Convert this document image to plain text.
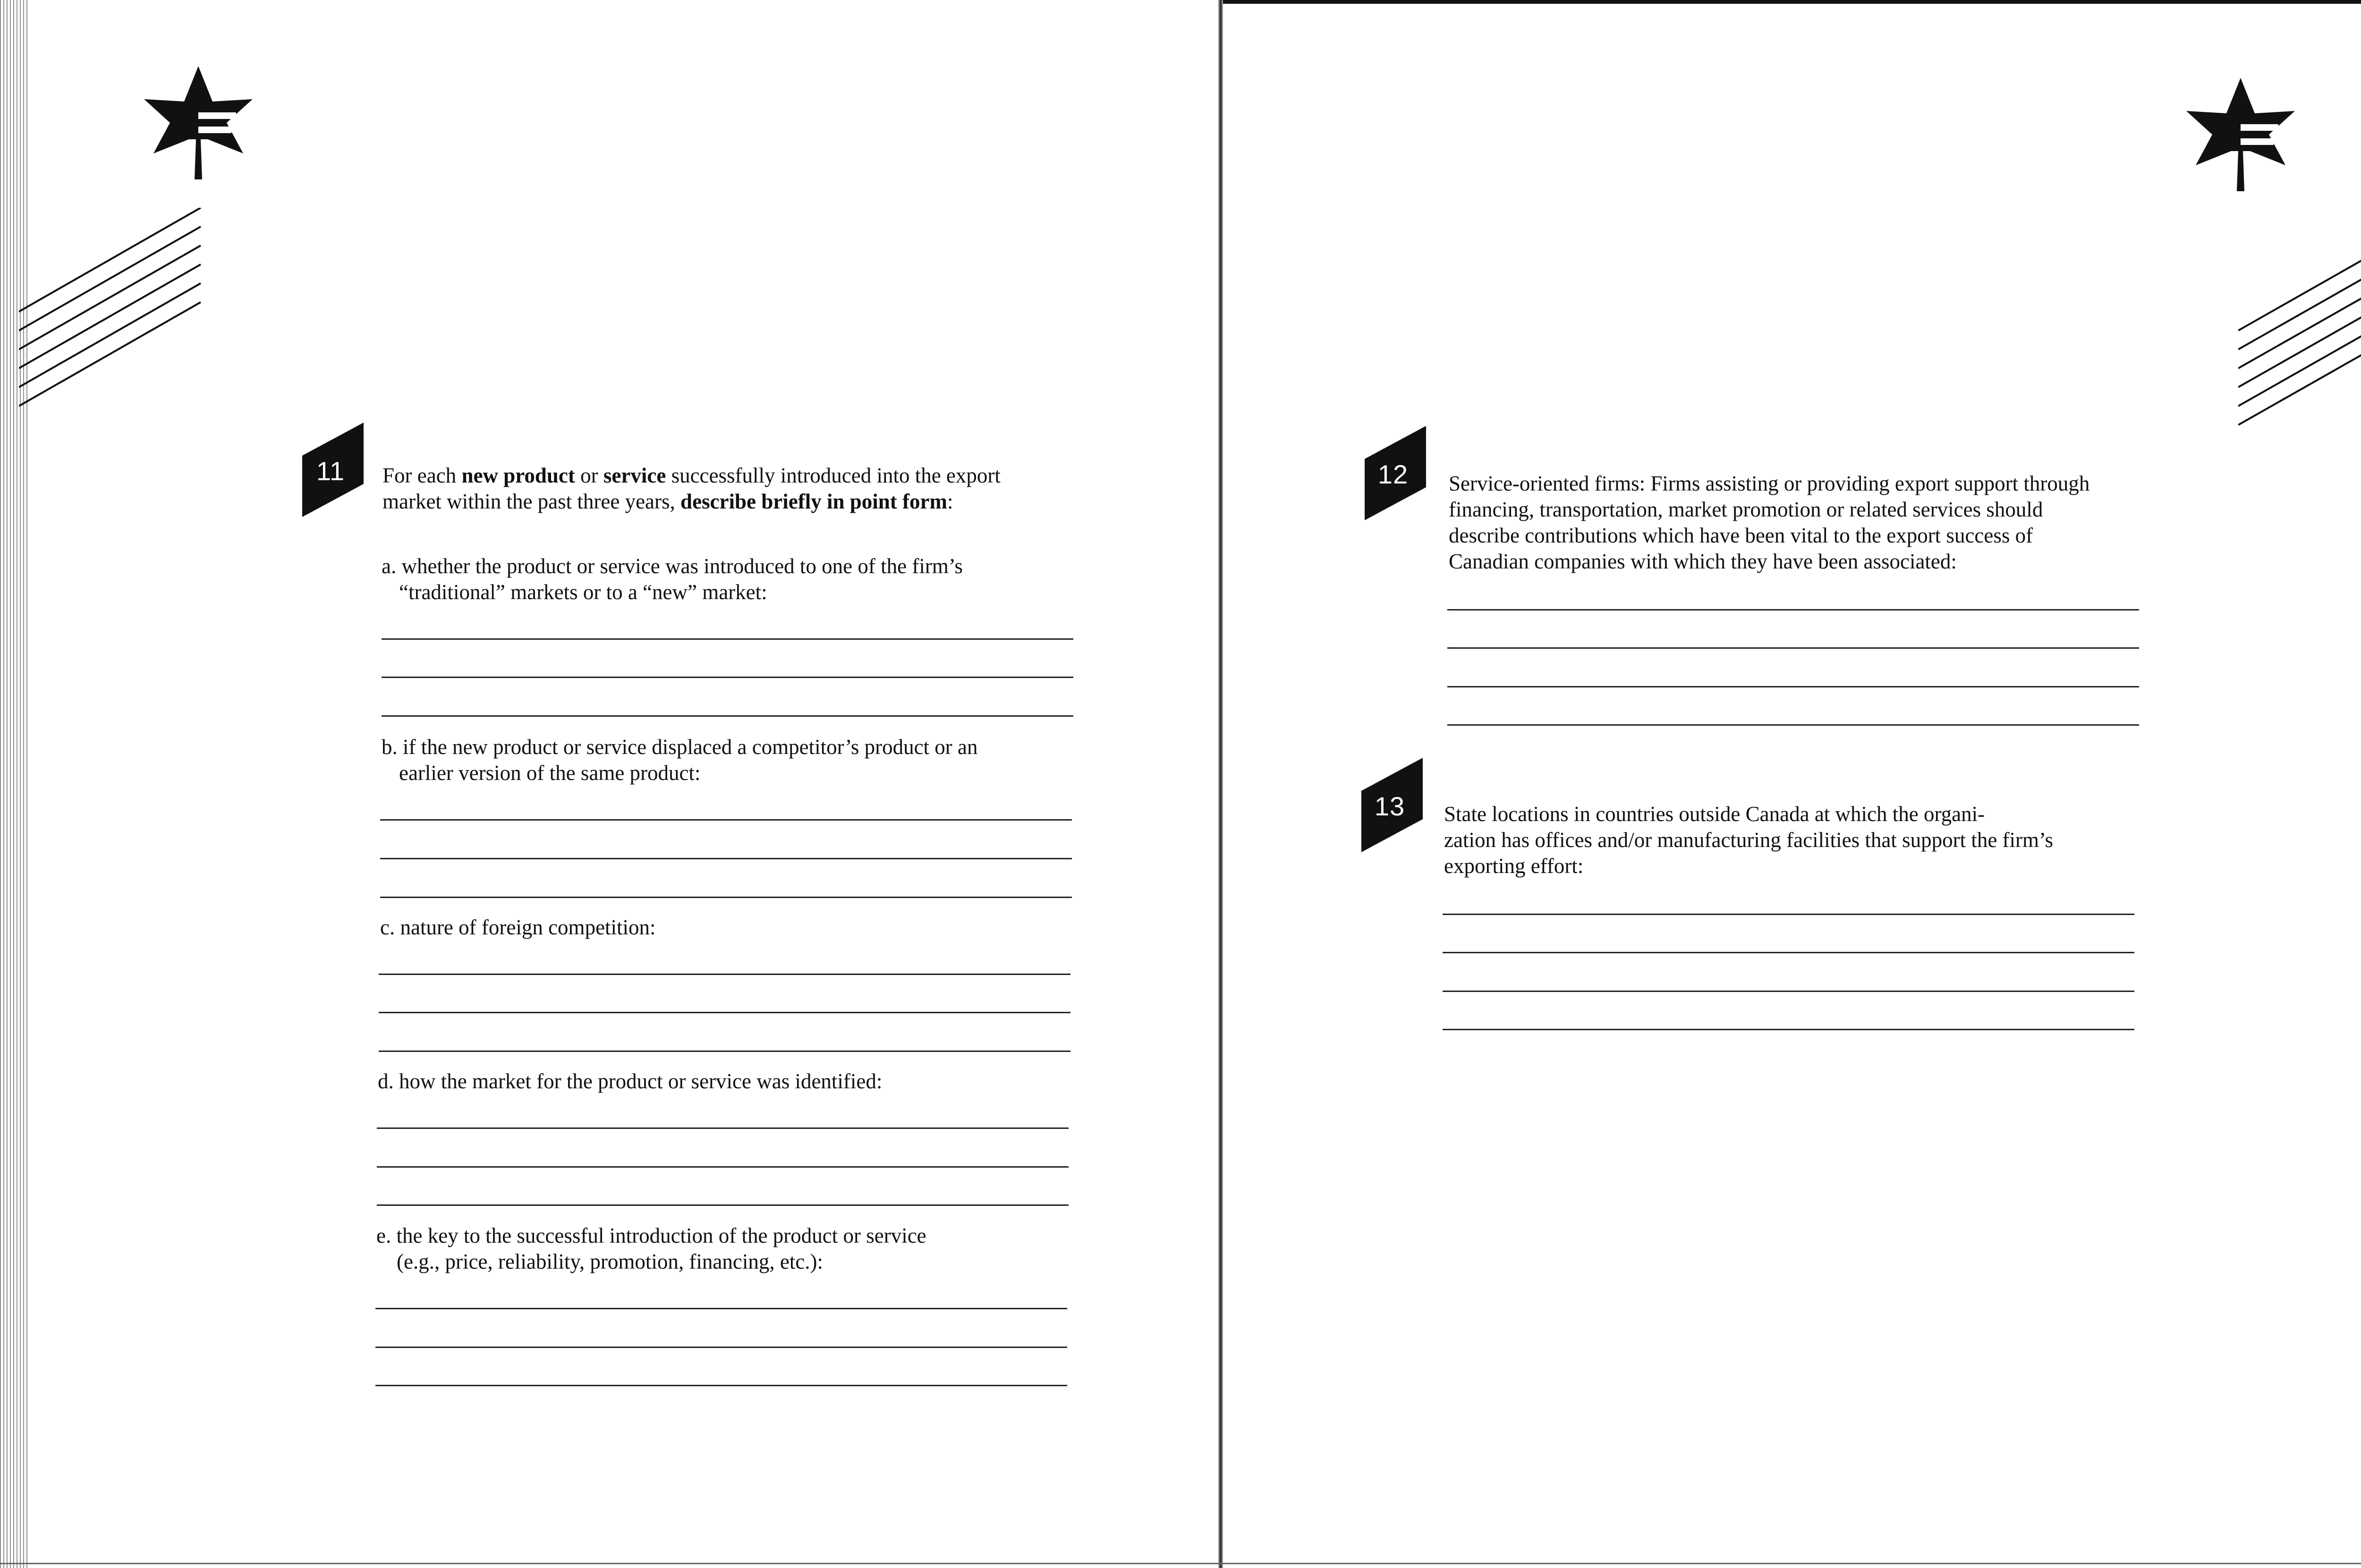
11	For each new product or service successfully introduced into the export
market within the past three years, describe briefly in point form:
a. whether the product or service was introduced to one of the firm’s
“traditional” markets or to a “new” market:
b. if the new product or service displaced a competitor’s product or an
earlier version of the same product:
c. nature of foreign competition:
d. how the market for the product or service was identified:
e. the key to the successful introduction of the product or service
(e.g., price, reliability, promotion, financing, etc.):
12	Service-oriented firms: Firms assisting or providing export support through
financing, transportation, market promotion or related services should
describe contributions which have been vital to the export success of
Canadian companies with which they have been associated:
13	State locations in countries outside Canada at which the organi-
zation has offices and/or manufacturing facilities that support the firm’s
exporting effort:
